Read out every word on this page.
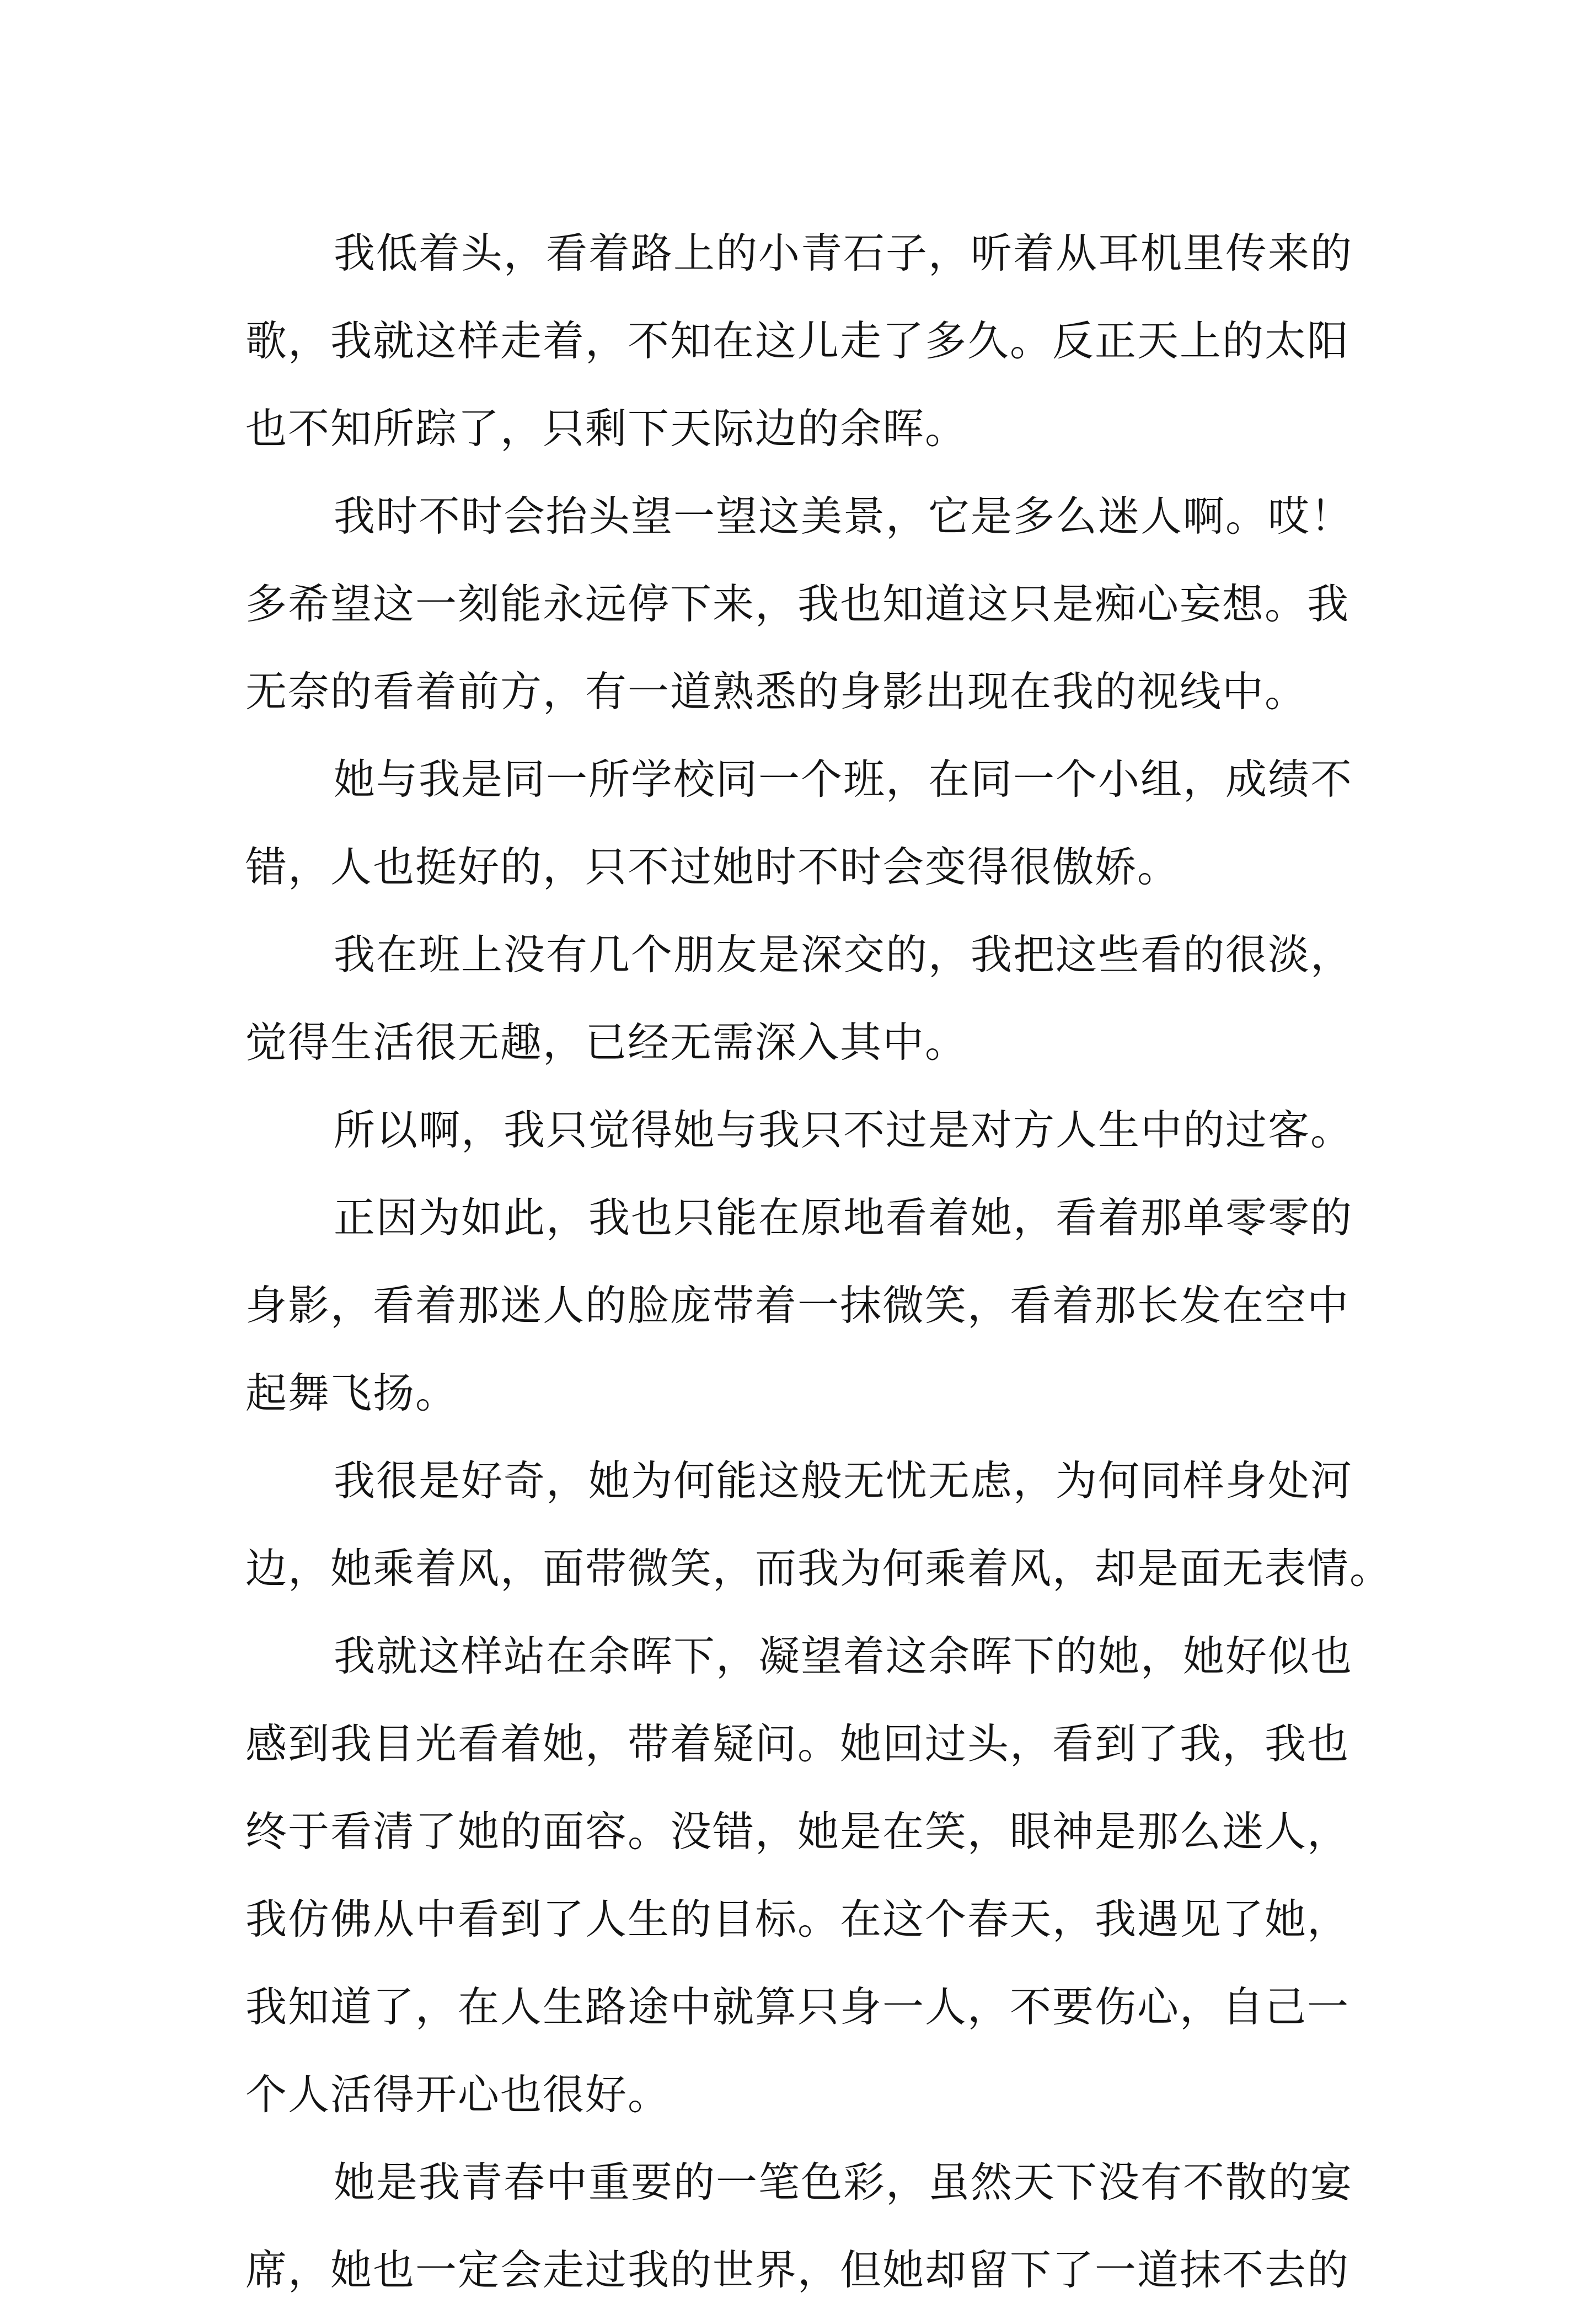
我低着头，看着路上的小青石子，听着从耳机里传来的
歌，我就这样走着，不知在这儿走了多久。反正天上的太阳
也不知所踪了，只剩下天际边的余晖。
我时不时会抬头望一望这美景，它是多么迷人啊。哎！
多希望这一刻能永远停下来，我也知道这只是痴心妄想。我
无奈的看着前方，有一道熟悉的身影出现在我的视线中。
她与我是同一所学校同一个班，在同一个小组，成绩不
错，人也挺好的，只不过她时不时会变得很傲娇。
我在班上没有几个朋友是深交的，我把这些看的很淡，
觉得生活很无趣，已经无需深入其中。
所以啊，我只觉得她与我只不过是对方人生中的过客。
正因为如此，我也只能在原地看着她，看着那单零零的
身影，看着那迷人的脸庞带着一抹微笑，看着那长发在空中
起舞飞扬。
我很是好奇，她为何能这般无忧无虑，为何同样身处河
边，她乘着风，面带微笑，而我为何乘着风，却是面无表情。
我就这样站在余晖下，凝望着这余晖下的她，她好似也
感到我目光看着她，带着疑问。她回过头，看到了我，我也
终于看清了她的面容。没错，她是在笑，眼神是那么迷人，
我仿佛从中看到了人生的目标。在这个春天，我遇见了她，
我知道了，在人生路途中就算只身一人，不要伤心，自己一
个人活得开心也很好。
她是我青春中重要的一笔色彩，虽然天下没有不散的宴
席，她也一定会走过我的世界，但她却留下了一道抹不去的
